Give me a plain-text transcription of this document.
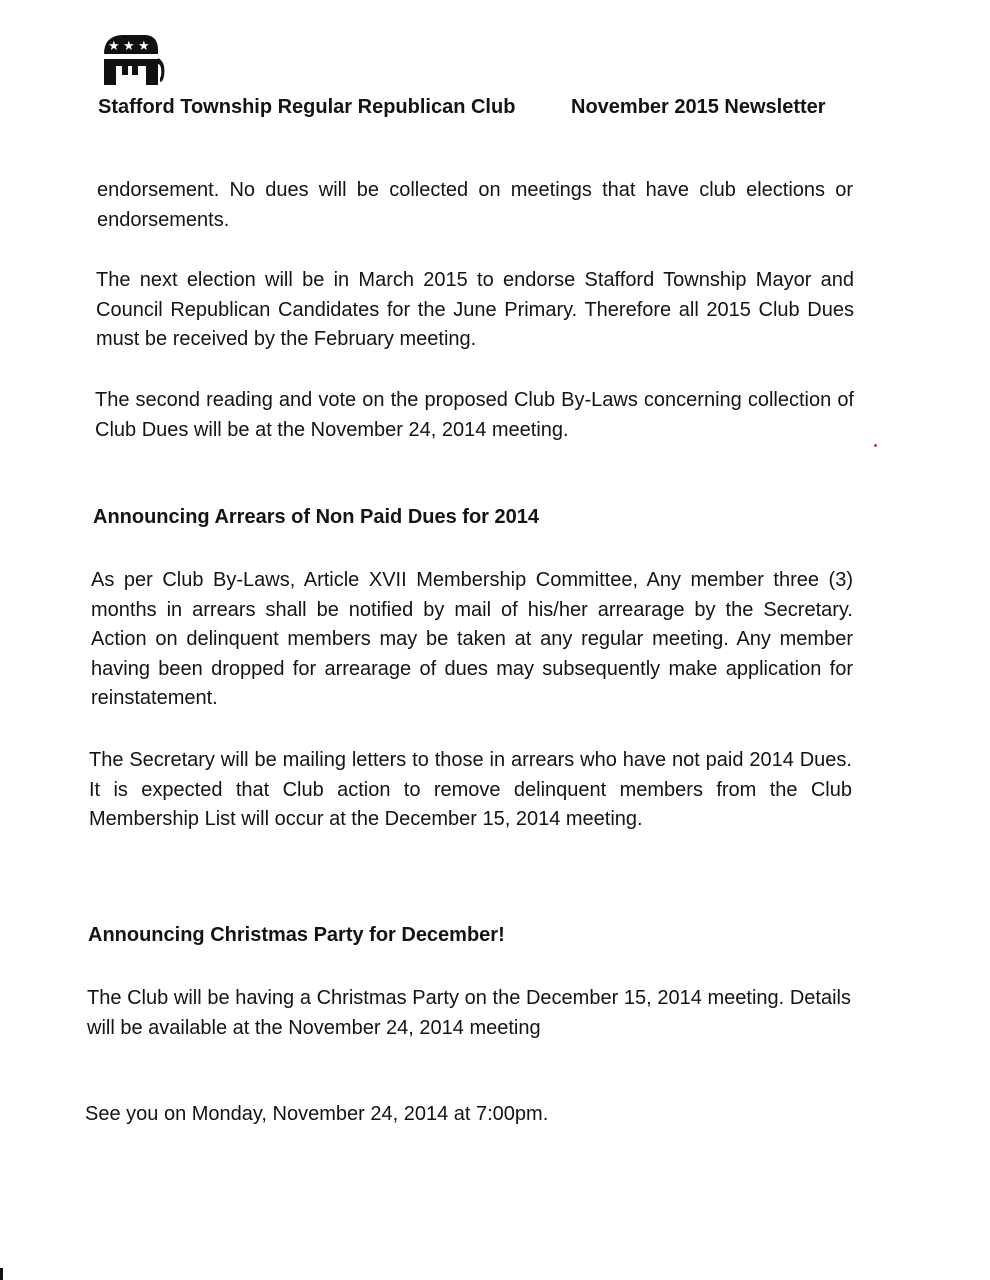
★ ★ ★
Stafford Township Regular Republican Club	November 2015 Newsletter

endorsement. No dues will be collected on meetings that have club elections or endorsements.

The next election will be in March 2015 to endorse Stafford Township Mayor and Council Republican Candidates for the June Primary. Therefore all 2015 Club Dues must be received by the February meeting.

The second reading and vote on the proposed Club By-Laws concerning collection of Club Dues will be at the November 24, 2014 meeting.

Announcing Arrears of Non Paid Dues for 2014

As per Club By-Laws, Article XVII Membership Committee, Any member three (3) months in arrears shall be notified by mail of his/her arrearage by the Secretary. Action on delinquent members may be taken at any regular meeting. Any member having been dropped for arrearage of dues may subsequently make application for reinstatement.

The Secretary will be mailing letters to those in arrears who have not paid 2014 Dues. It is expected that Club action to remove delinquent members from the Club Membership List will occur at the December 15, 2014 meeting.

Announcing Christmas Party for December!

The Club will be having a Christmas Party on the December 15, 2014 meeting. Details will be available at the November 24, 2014 meeting

See you on Monday, November 24, 2014 at 7:00pm.
